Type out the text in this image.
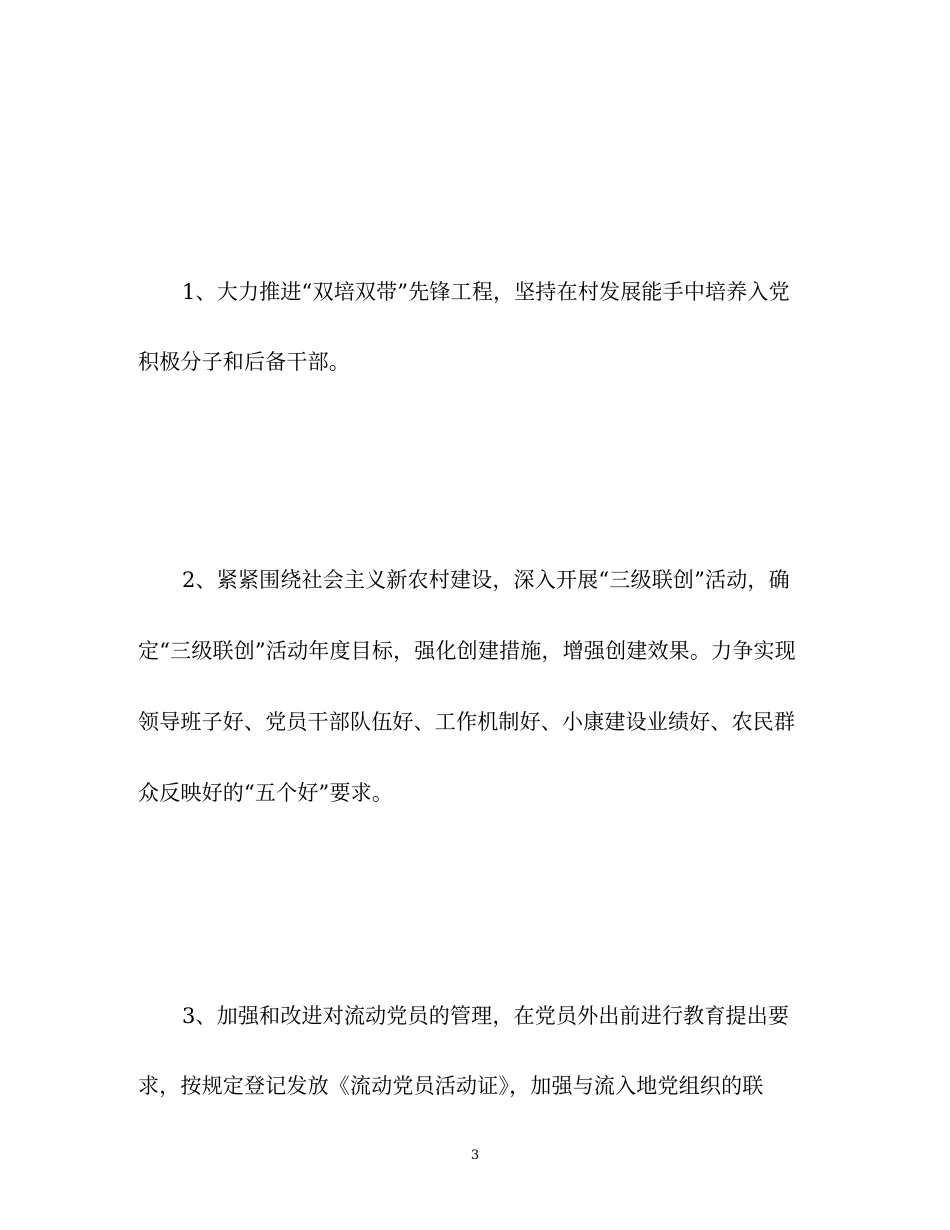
1、大力推进“双培双带”先锋工程，坚持在村发展能手中培养入党
积极分子和后备干部。
2、紧紧围绕社会主义新农村建设，深入开展“三级联创”活动，确
定“三级联创”活动年度目标，强化创建措施，增强创建效果。力争实现
领导班子好、党员干部队伍好、工作机制好、小康建设业绩好、农民群
众反映好的“五个好”要求。
3、加强和改进对流动党员的管理，在党员外出前进行教育提出要
求，按规定登记发放《流动党员活动证》，加强与流入地党组织的联
3
